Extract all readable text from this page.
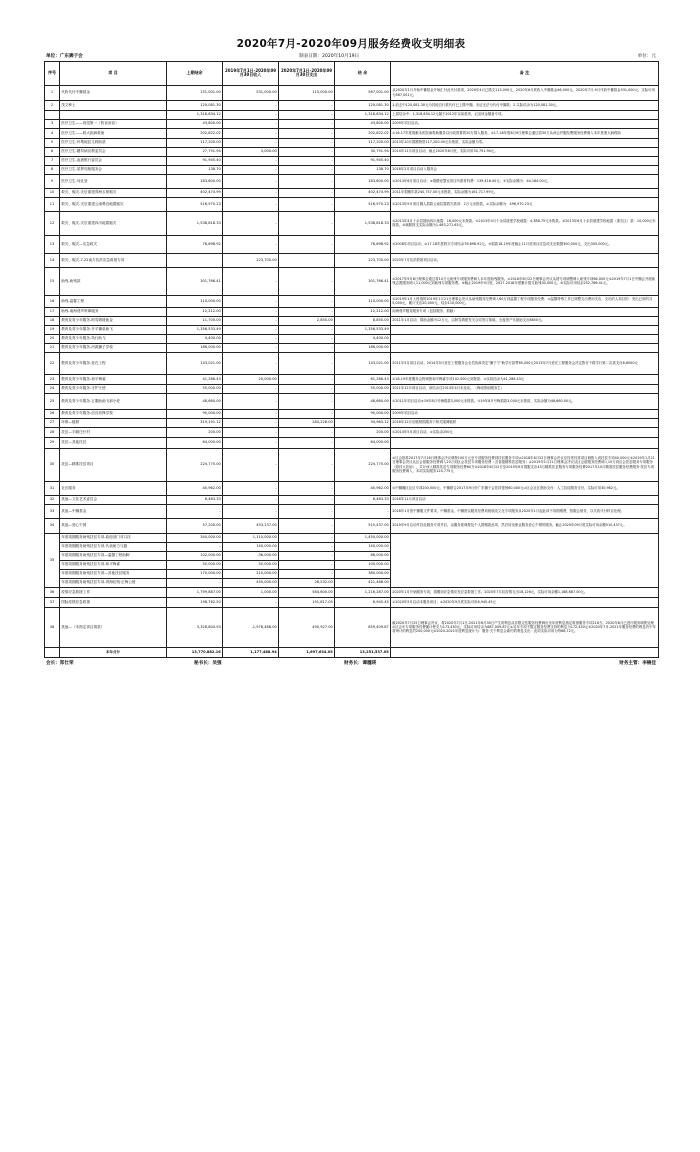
2020年7月-2020年09月服务经费收支明细表
单位：广东狮子会	制表日期：2020年10月19日	单位：元
序号	项 目	上期结余	2019年7月1日-2020年09月30日收入	2020年7月1日-2020年09月30日支出	结 余	备 注
1	代收代付中狮基金	151,001.00	531,000.00	115,000.00	567,001.00	从2020年1月开始中狮基金开始汇付此代付款项，2020年4月已缴支115,000元，2020年6月底收入中狮基金46,000元，2020年7月-9月代收中狮基金531,000元，实际可用为567,001元。
2	茂文种土	120,081.30	-	-	120,081.30	1.前去中120,081.30元为其他自行款代付已上缴中狮。未证无法为代付中狮款；2.实际结余为120,081.30元。
		1,318,634.12	-	-	1,318,634.12	上届结余中：1,318,634.12元属于2012年以前款项，记录该金额备专项。
3	医疗卫生——视觉第一（防盲治盲）	43,800.00	-	-	43,800.00	2009年项目启动。
4	医疗卫生——救大疾病救助	202,822.02	-	-	202,822.02	①16-17年度捐献本医院病救助服务以行政预算的20万捐入服务。②17-18年度8月9日理事会通过将30万从该会并服经费服务经费调入本年度重大病救助
5	医疗卫生-怀集地贫儿救助款	117,200.00	-	-	117,200.00	2013年10月捐赠物资117,200.00元未拨款，实际金额为零。
6	医疗卫生-糖尿病宣教委员会	27,791.94	3,000.00	-	30,791.94	2014年11月项目启动，截止2020年6月底，实际可用30,791.94元。
7	医疗卫生-血液银行委员会	91,945.40	-	-	91,945.40	
8	医疗卫生-星梦同航服务会	138.70	-	-	138.70	2018年2月项目启动入服务会
9	医疗卫生-母乳爱	183,600.00	-	-	183,600.00	①2013年6月项目启动；②捐赠爱婴室项目所需材料费：139,416.00元；③实际余额为：44,184.00元。
10	救灾、赈灾-灾后重建青海玉树赈灾	402,474.99	-	-	402,474.99	2011年捐赠年款240,757.00元未拨款，实际余额为161,717.99元。
11	救灾、赈灾-灾后重建云南彝良地震赈灾	516,970.23	-	-	516,970.23	①2013年9月项目狮人捐款云南抗震救灾款项：2万元未拨款。②实际余额为：496,970.23元
12	救灾、赈灾-灾后重建四川地震赈灾	1,538,818.33	-	-	1,538,818.33	①2013年4月十余县援助四川地震：16,000元未拨款。②2013年4月十余县援建学校地震：4,388.75元未拨款。③2013年6月十余县援建学校地震（重灾区）款：10,000元未拨款。④减除拨支实际余额为1,463,271.63元。
13	救灾、赈灾—应急救灾	76,698.92	-	-	76,698.92	①2008年项目启动；②17-18年度救灾专项结余76,698.92元。③捐款18-19年度截止11月底项目应急项支出数据300,000元，支出300,000元。
14	救灾、赈灾-7.22南方抗洪应急救援专项		223,700.00		223,700.00	2020年7月抗洪救援项目启动。
15	助残-助残款	301,766.41	-	-	301,766.41	①2017年9月8日理事会通过将10万元助残专项服务费调入本年度助残服务。②2018年6月22日理事会决议从援专项调整调入助残专项66,000元③2019年7月1日中狮会开展助残志愿服务调入11,000元到助残专项服务费。④截止2019年9月底，2017-2018年度累计捐支助残30,000元。⑤实际可用结余252,766.41元。
16	助残-温馨工程	110,000.00	-	-	110,000.00	①2019年1月入账捐的2019年1月21日理事会决议从助残服务经费调入60万到温馨工程专项服务经费；②温馨特殊工作已调整支出费用支出，支出的人项目的：发出已用的共5,000元，累计支出20,000元，结余110,000元。
17	助残-南海聋声听障服务	12,212.00	-	-	12,212.00	南海聋声服务服务专项（包括服务、捐献）
18	教育及青少年服务-阿雪姆援助金	11,700.00	-	2,850.00	8,850.00	2011年1月启动，捐助金额为12万元，由阿雪姆建发关合同签订基础，全盘资产代援助支出8850元。
19	教育及青少年服务-开平狮桌助飞	1,356,533.49	-	-	1,356,533.49	
20	教育及青少年服务-执行助飞	4,400.00	-	-	4,400.00	
21	教育及青少年服务-河源狮子学校	186,000.00	-	-	186,000.00	
22	教育及青少年服务-爱在工程	143,021.00	-	-	143,021.00	2011年5月项目启动。2014年5月爱在工程服务会全员协商决定"狮子宁"助学行款赞85,000元2015年7月爱在工程服务会决定拨付下路学行第二次款支付8,6000元
23	教育及青少年服务-和平梅睿	41,286.43	20,000.00	-	61,286.43	①18-19年度服务会拨调拨和平梅睿专项102,000元到拨款；②实际结余为41,286.43元
24	教育及青少年服务-守护天使	55,000.00	-	-	55,000.00	2011年12月项目启动，该结余自2013年4月未变动。（梅南资助服务生）
25	教育及青少年服务-五服助助飞那小爱	48,660.00	-	-	48,660.00	①2011年项目启动②19年8月号梅捐款3,000元未拨款。③19年8月号梅捐款3,000元未拨款，实际余额为48,660.00元。
26	教育及青少年服务-信宜培锋学校	90,000.00	-	-	90,000.00	2009年项目启动
27	环保—植树	319,191.12	-	284,228.00	34,963.12	2016年12月后植树捐服务于林关服调植树
28	扶贫—丰顺庄什村	200.00	-	-	200.00	①2014年5月项目启动。②实际余200元
29	扶贫—其他扶贫	64,000.00	-	-	64,000.00	
30	扶贫—精准扶贫项目	224,775.00	-	-	224,775.00	①区会批准2017年7月16日理事会决议调拨100万元至专项服务经费到扶贫服务专项②2018年6月22日理事会决议应经常经常项目调拨入到扶贫专项40,000元③2019年1月21日理事会决议从区会留服务经费调入20万到区会扶贫专项服务经费（含省级精准扶贫服务）②2019年1月21日理事会决议从区会留服务经费调入10万到区会扶贫服务专项服务（陪伴大扶助），共计该入精准扶贫专项服务经费60万④2018年6月22日至2019年6月捐服支出43万精准扶贫服务专项服务经费2017年10月精准扶贫服务经费服务·扶贫专项服务经费调入，本项实际服务124,775元
31	社区服务	40,962.00	-	-	40,962.00	①中狮狮区社区专项200,000元，中狮联合2017年9月份广东狮子会扶持建划60,000元②区会社区资助支付：人工抗疫服务支付，实际可用30,962元。
32	其他—文化艺术委员会	8,463.33	-	-	8,463.33	2016年11月项目启动
33	其他—中狮基金	-	-	-	-	2018年1月按中狮服文件要求，中狮基金、中狮资以服务经费项统收改文北专项服务从2020年1月起此项不再捐赠费，按服会财务，以代收代付科目处理。
34	其他—爱心午餐	57,200.00	453,237.00	-	510,437.00	2019年9月启动并扶此服务专项并启，由服务款调拨及个人捐赠款此项，然后转至职业服务爱心午餐的服务。截止2020年09月底实际可用余额510,437元。
35	年度周期服务助残扶贫专项-政府部门对口扶	340,000.00	1,110,000.00	-	1,450,000.00	
	年度周期服务助残扶贫专项-代表助力与跑	-	140,000.00	-	140,000.00	
	年度周期服务助残扶贫专项—温馨工程助脚	102,000.00	-36,000.00	-	66,000.00	
	年度周期服务助残扶贫专项-和平梅睿	50,000.00	50,000.00	-	100,000.00	
	年度周期服务助残扶贫专项—其他扶贫服务	170,000.00	210,000.00	-	380,000.00	
	年度周期服务助残扶贫专项-青海抗残·正梅公援	-	450,000.00	28,532.00	421,468.00	
36	疫情应急救援工作	1,799,887.00	1,000.00	584,600.00	1,216,287.00	2020年1月开始服务专项，捐赠到应急情应发应急救援工作。2020年7月抗疫情支出18,126元，实际可用余额1,188,687.00元。
37	国际疫情应急救援	198,762.50	-	191,817.05	6,945.45	①2020年5月启动本服务项目；②2020年9月底实际可用6,945.45元
38	其他—（未指定项目捐款）	3,328,804.93	-1,978,468.00	490,927.00	859,409.87	截2020年7月25日理事会决议，将2020年7月1日-2021年6月30日产生的利息从非限定性服务经费调出至年度利息指定救援服务专项216万。2020年6月已进行服务调拨处理①区会年专项服务经费累计使支为173,430元，实际可用结余为687,009.87元②另年专项不限定服务经费支持的利息为172,430元③2020年7月-2021年服务经费的利息有中年将审计的利息约200,000元④2020-2021年度利息统计为：服务·关于利息合新约的利息支出：此项实际可用为每68,72元。
	本年合计	13,770,882.16	1,177,488.94	1,697,634.05	13,251,537.05	
会长：郑仕荣	秘书长：吴强	财务长：谭穗瑛	财务主管：李楠佳
